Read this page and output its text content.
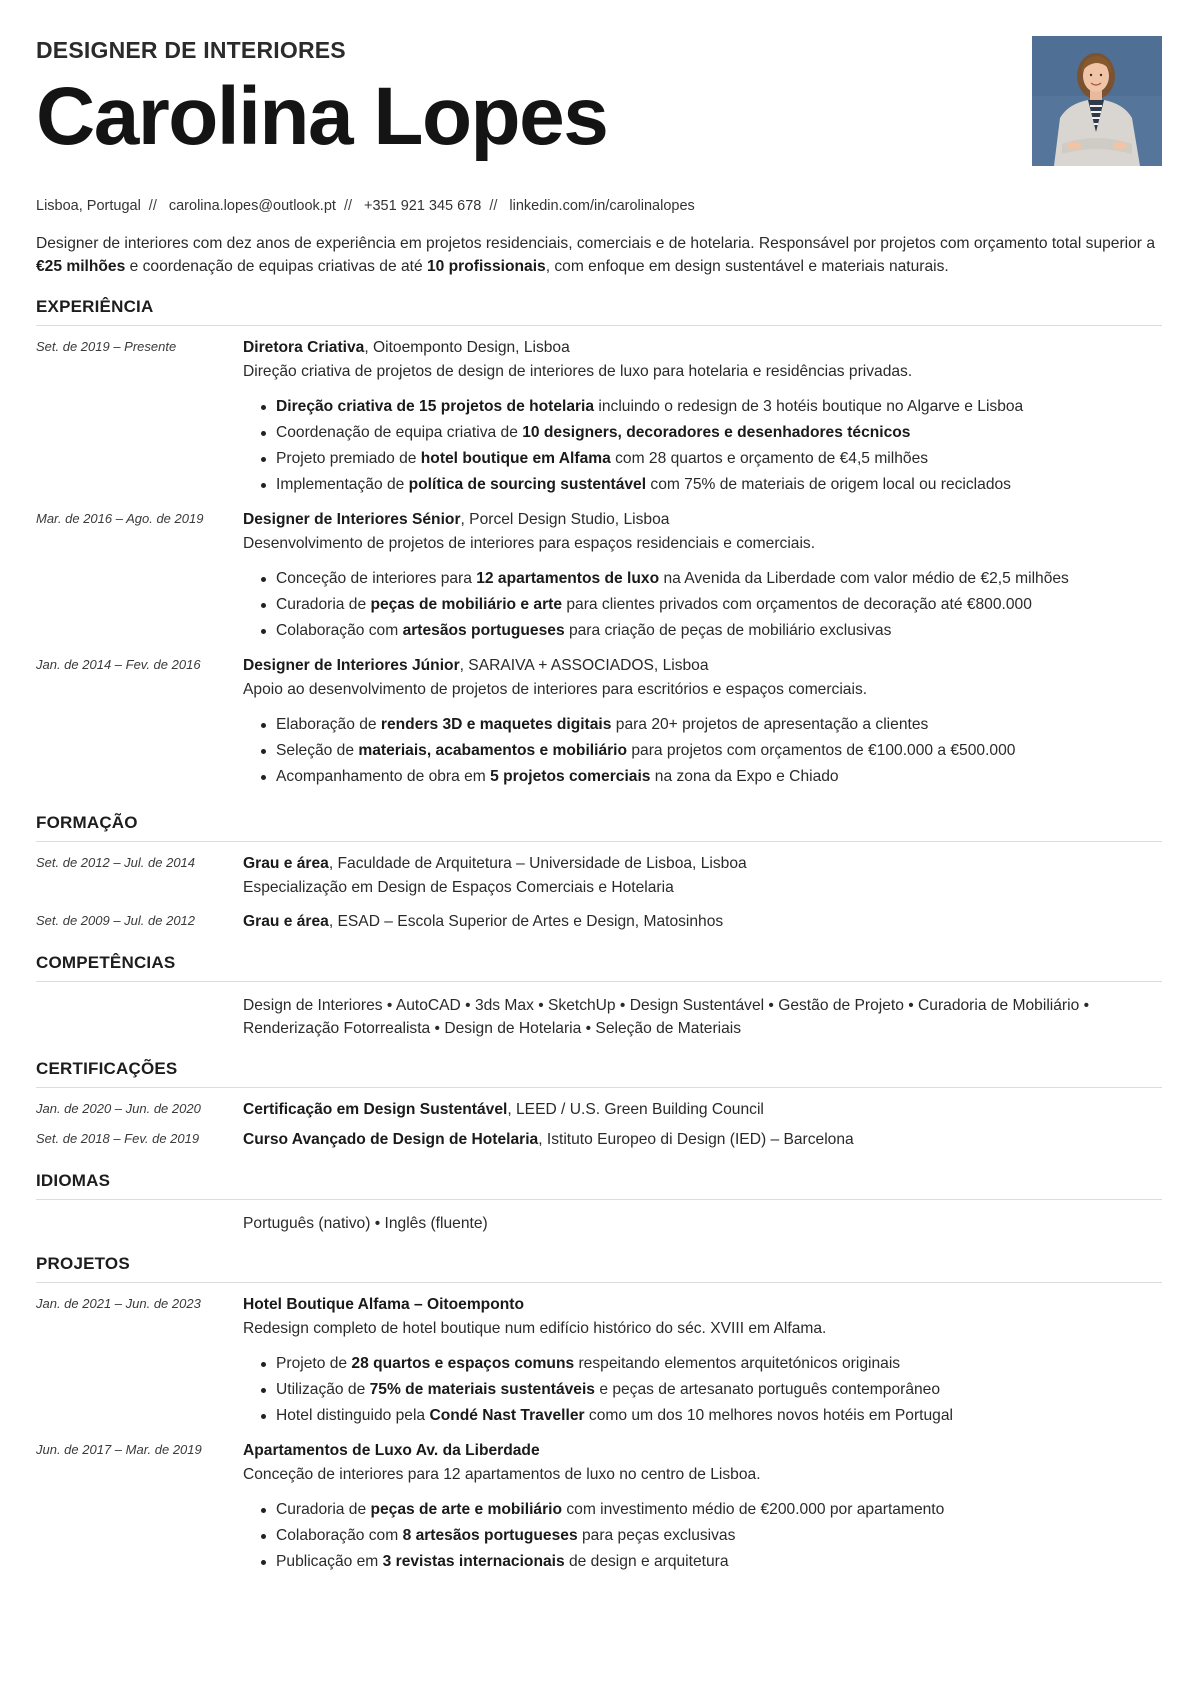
DESIGNER DE INTERIORES
Carolina Lopes
Lisboa, Portugal // carolina.lopes@outlook.pt // +351 921 345 678 // linkedin.com/in/carolinalopes

Designer de interiores com dez anos de experiência em projetos residenciais, comerciais e de hotelaria. Responsável por projetos com orçamento total superior a €25 milhões e coordenação de equipas criativas de até 10 profissionais, com enfoque em design sustentável e materiais naturais.

EXPERIÊNCIA
Set. de 2019 – Presente	Diretora Criativa, Oitoemponto Design, Lisboa
Direção criativa de projetos de design de interiores de luxo para hotelaria e residências privadas.
Direção criativa de 15 projetos de hotelaria incluindo o redesign de 3 hotéis boutique no Algarve e Lisboa
Coordenação de equipa criativa de 10 designers, decoradores e desenhadores técnicos
Projeto premiado de hotel boutique em Alfama com 28 quartos e orçamento de €4,5 milhões
Implementação de política de sourcing sustentável com 75% de materiais de origem local ou reciclados
Mar. de 2016 – Ago. de 2019	Designer de Interiores Sénior, Porcel Design Studio, Lisboa
Desenvolvimento de projetos de interiores para espaços residenciais e comerciais.
Conceção de interiores para 12 apartamentos de luxo na Avenida da Liberdade com valor médio de €2,5 milhões
Curadoria de peças de mobiliário e arte para clientes privados com orçamentos de decoração até €800.000
Colaboração com artesãos portugueses para criação de peças de mobiliário exclusivas
Jan. de 2014 – Fev. de 2016	Designer de Interiores Júnior, SARAIVA + ASSOCIADOS, Lisboa
Apoio ao desenvolvimento de projetos de interiores para escritórios e espaços comerciais.
Elaboração de renders 3D e maquetes digitais para 20+ projetos de apresentação a clientes
Seleção de materiais, acabamentos e mobiliário para projetos com orçamentos de €100.000 a €500.000
Acompanhamento de obra em 5 projetos comerciais na zona da Expo e Chiado
FORMAÇÃO
Set. de 2012 – Jul. de 2014	Grau e área, Faculdade de Arquitetura – Universidade de Lisboa, Lisboa
Especialização em Design de Espaços Comerciais e Hotelaria
Set. de 2009 – Jul. de 2012	Grau e área, ESAD – Escola Superior de Artes e Design, Matosinhos
COMPETÊNCIAS
Design de Interiores • AutoCAD • 3ds Max • SketchUp • Design Sustentável • Gestão de Projeto • Curadoria de Mobiliário • Renderização Fotorrealista • Design de Hotelaria • Seleção de Materiais
CERTIFICAÇÕES
Jan. de 2020 – Jun. de 2020	Certificação em Design Sustentável, LEED / U.S. Green Building Council
Set. de 2018 – Fev. de 2019	Curso Avançado de Design de Hotelaria, Istituto Europeo di Design (IED) – Barcelona
IDIOMAS
Português (nativo) • Inglês (fluente)
PROJETOS
Jan. de 2021 – Jun. de 2023	Hotel Boutique Alfama – Oitoemponto
Redesign completo de hotel boutique num edifício histórico do séc. XVIII em Alfama.
Projeto de 28 quartos e espaços comuns respeitando elementos arquitetónicos originais
Utilização de 75% de materiais sustentáveis e peças de artesanato português contemporâneo
Hotel distinguido pela Condé Nast Traveller como um dos 10 melhores novos hotéis em Portugal
Jun. de 2017 – Mar. de 2019	Apartamentos de Luxo Av. da Liberdade
Conceção de interiores para 12 apartamentos de luxo no centro de Lisboa.
Curadoria de peças de arte e mobiliário com investimento médio de €200.000 por apartamento
Colaboração com 8 artesãos portugueses para peças exclusivas
Publicação em 3 revistas internacionais de design e arquitetura
